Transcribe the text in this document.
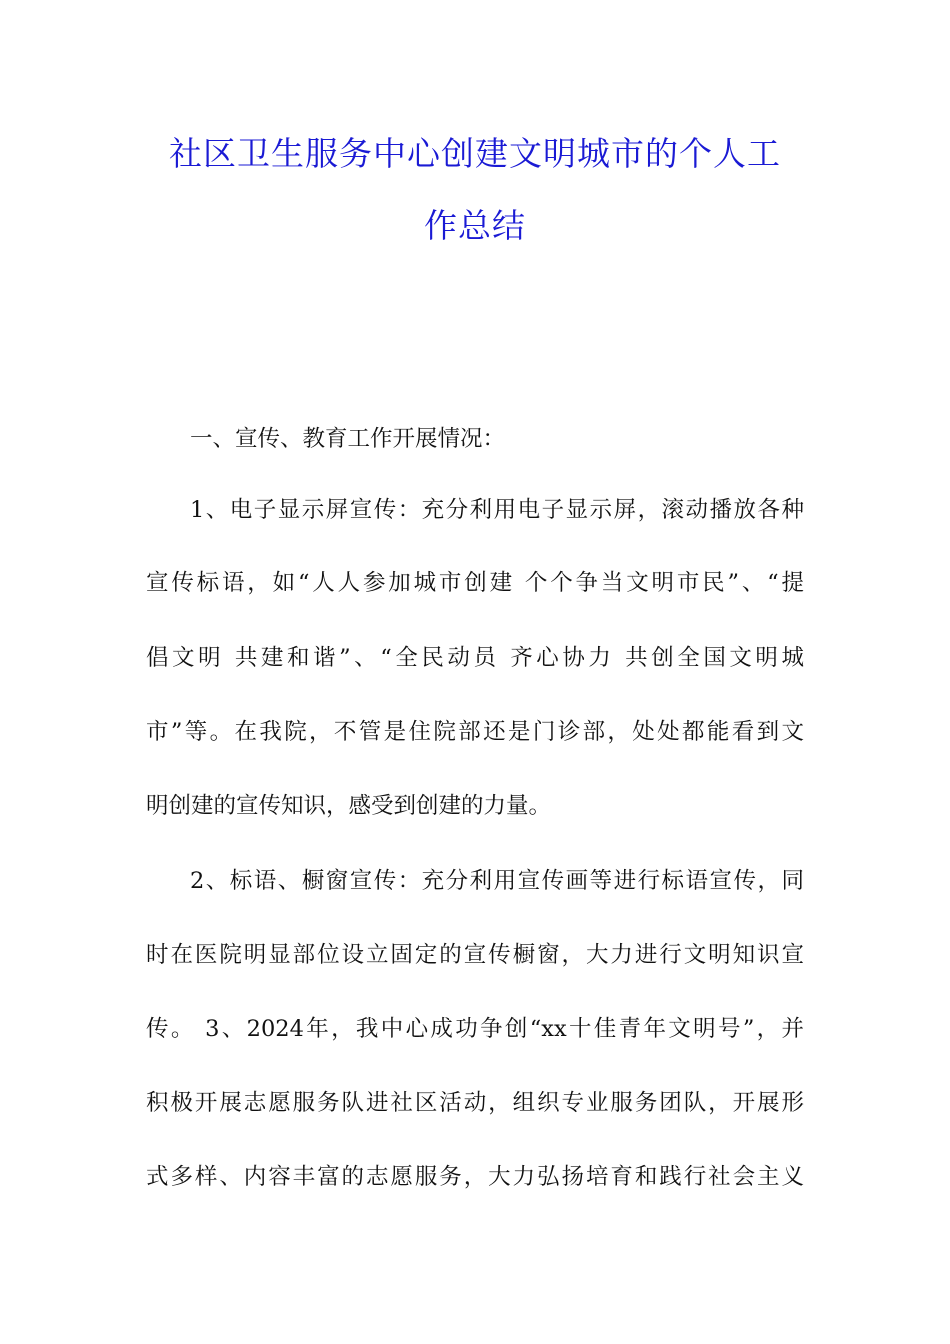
社区卫生服务中心创建文明城市的个人工
作总结
一、宣传、教育工作开展情况：
1、电子显示屏宣传：充分利用电子显示屏，滚动播放各种
宣传标语，如“人人参加城市创建 个个争当文明市民”、“提
倡文明 共建和谐”、“全民动员 齐心协力 共创全国文明城
市”等。在我院，不管是住院部还是门诊部，处处都能看到文
明创建的宣传知识，感受到创建的力量。
2、标语、橱窗宣传：充分利用宣传画等进行标语宣传，同
时在医院明显部位设立固定的宣传橱窗，大力进行文明知识宣
传。 3、2024年，我中心成功争创“xx十佳青年文明号”，并
积极开展志愿服务队进社区活动，组织专业服务团队，开展形
式多样、内容丰富的志愿服务，大力弘扬培育和践行社会主义
